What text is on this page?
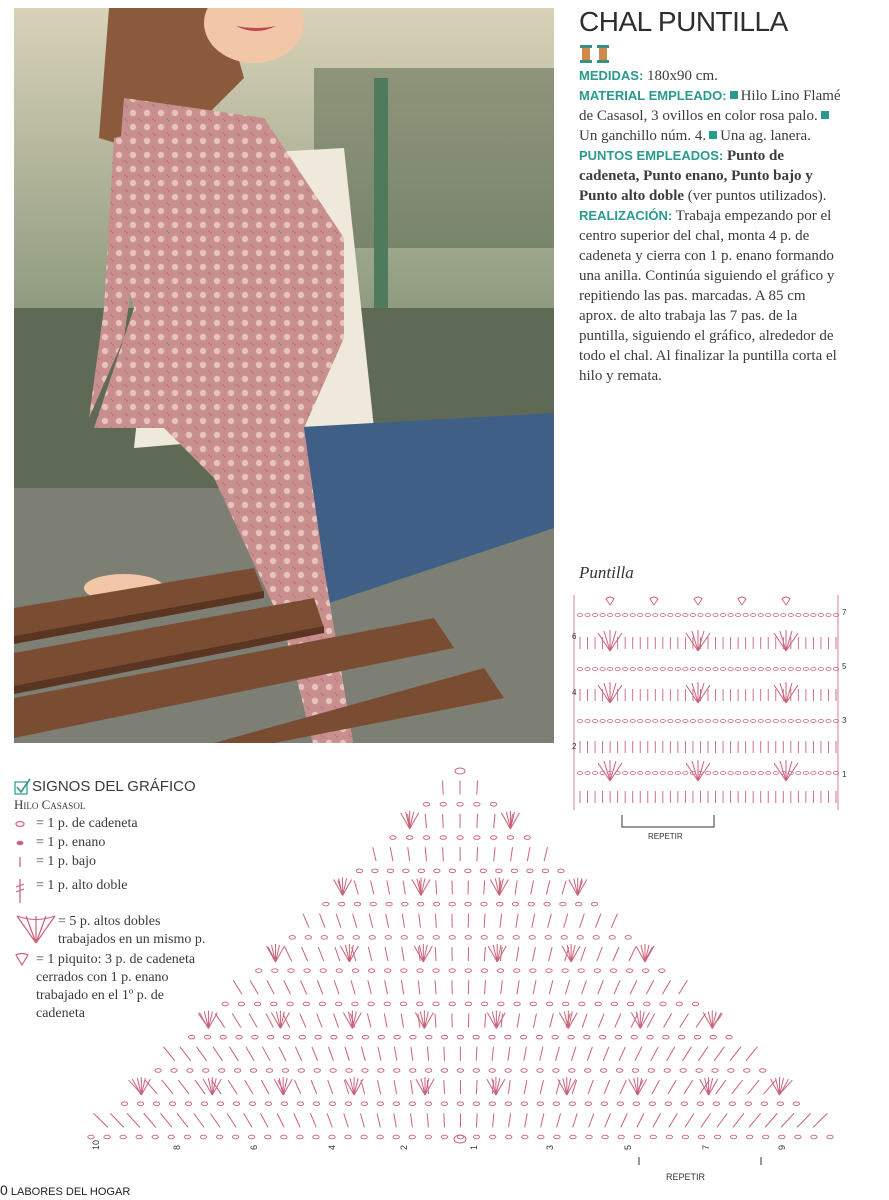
CHAL PUNTILLA

MEDIDAS: 180x90 cm.

MATERIAL EMPLEADO: Hilo Lino Flamé de Casasol, 3 ovillos en color rosa palo.Un ganchillo núm. 4. Una ag. lanera.

PUNTOS EMPLEADOS: Punto de cadeneta, Punto enano, Punto bajo y Punto alto doble (ver puntos utilizados).

REALIZACIÓN: Trabaja empezando por el centro superior del chal, monta 4 p. de cadeneta y cierra con 1 p. enano formando una anilla. Continúa siguiendo el gráfico y repitiendo las pas. marcadas. A 85 cm aprox. de alto trabaja las 7 pas. de la puntilla, siguiendo el gráfico, alrededor de todo el chal. Al finalizar la puntilla corta el hilo y remata.

Puntilla
6
4
2
7
5
3
1
REPETIR
SIGNOS DEL GRÁFICO
Hilo Casasol
= 1 p. de cadeneta
= 1 p. enano
= 1 p. bajo
= 1 p. alto doble
= 5 p. altos dobles trabajados en un mismo p.
= 1 piquito: 3 p. de cadeneta cerrados con 1 p. enano trabajado en el 1º p. de cadeneta
10	8	6	4	2	1	3	5	7	9
REPETIR
0 LABORES DEL HOGAR
